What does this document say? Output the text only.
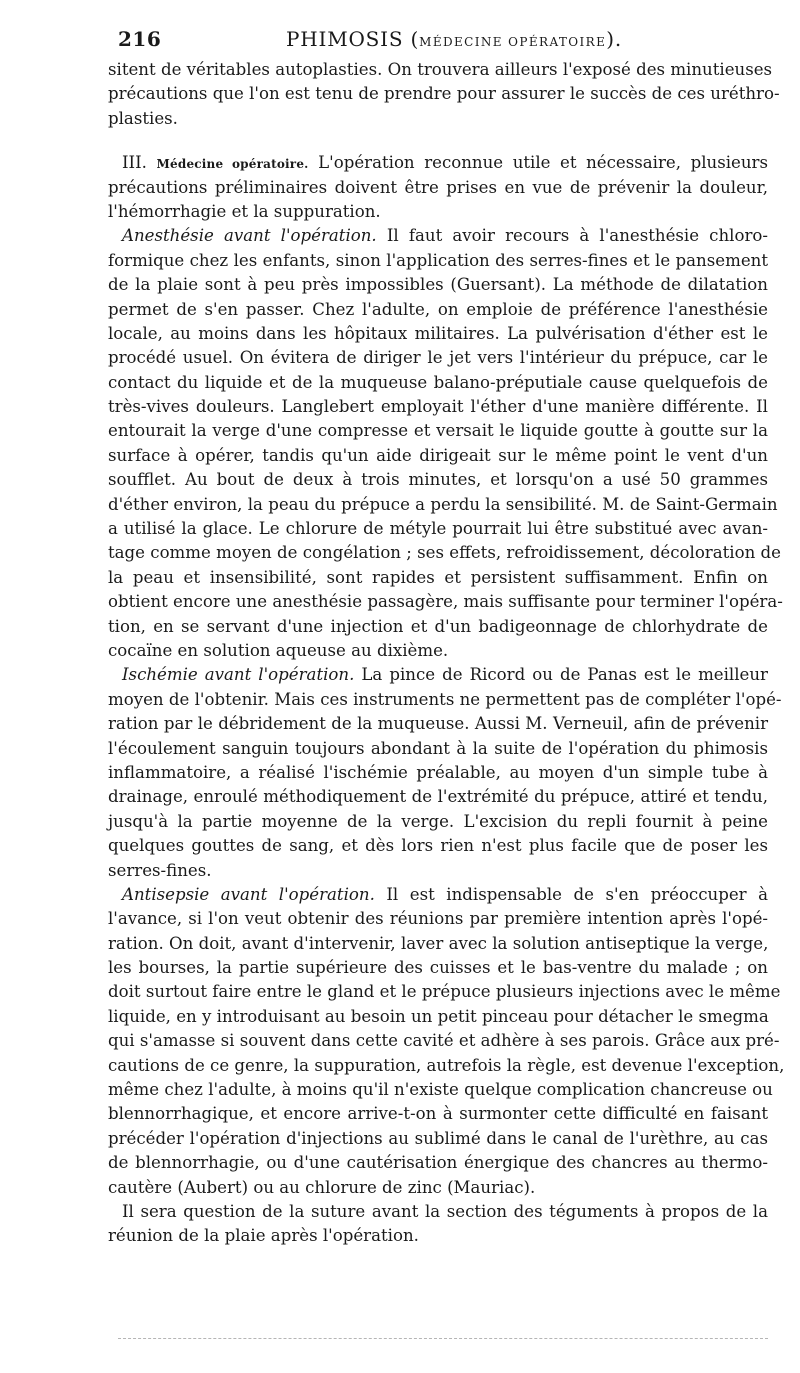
216	PHIMOSIS (MÉDECINE OPÉRATOIRE).
sitent de véritables autoplasties. On trouvera ailleurs l'exposé des minutieuses
précautions que l'on est tenu de prendre pour assurer le succès de ces uréthro-
plasties.
III. Médecine opératoire. L'opération reconnue utile et nécessaire, plusieurs
précautions préliminaires doivent être prises en vue de prévenir la douleur,
l'hémorrhagie et la suppuration.
Anesthésie avant l'opération. Il faut avoir recours à l'anesthésie chloro-
formique chez les enfants, sinon l'application des serres-fines et le pansement
de la plaie sont à peu près impossibles (Guersant). La méthode de dilatation
permet de s'en passer. Chez l'adulte, on emploie de préférence l'anesthésie
locale, au moins dans les hôpitaux militaires. La pulvérisation d'éther est le
procédé usuel. On évitera de diriger le jet vers l'intérieur du prépuce, car le
contact du liquide et de la muqueuse balano-préputiale cause quelquefois de
très-vives douleurs. Langlebert employait l'éther d'une manière différente. Il
entourait la verge d'une compresse et versait le liquide goutte à goutte sur la
surface à opérer, tandis qu'un aide dirigeait sur le même point le vent d'un
soufflet. Au bout de deux à trois minutes, et lorsqu'on a usé 50 grammes
d'éther environ, la peau du prépuce a perdu la sensibilité. M. de Saint-Germain
a utilisé la glace. Le chlorure de métyle pourrait lui être substitué avec avan-
tage comme moyen de congélation ; ses effets, refroidissement, décoloration de
la peau et insensibilité, sont rapides et persistent suffisamment. Enfin on
obtient encore une anesthésie passagère, mais suffisante pour terminer l'opéra-
tion, en se servant d'une injection et d'un badigeonnage de chlorhydrate de
cocaïne en solution aqueuse au dixième.
Ischémie avant l'opération. La pince de Ricord ou de Panas est le meilleur
moyen de l'obtenir. Mais ces instruments ne permettent pas de compléter l'opé-
ration par le débridement de la muqueuse. Aussi M. Verneuil, afin de prévenir
l'écoulement sanguin toujours abondant à la suite de l'opération du phimosis
inflammatoire, a réalisé l'ischémie préalable, au moyen d'un simple tube à
drainage, enroulé méthodiquement de l'extrémité du prépuce, attiré et tendu,
jusqu'à la partie moyenne de la verge. L'excision du repli fournit à peine
quelques gouttes de sang, et dès lors rien n'est plus facile que de poser les
serres-fines.
Antisepsie avant l'opération. Il est indispensable de s'en préoccuper à
l'avance, si l'on veut obtenir des réunions par première intention après l'opé-
ration. On doit, avant d'intervenir, laver avec la solution antiseptique la verge,
les bourses, la partie supérieure des cuisses et le bas-ventre du malade ; on
doit surtout faire entre le gland et le prépuce plusieurs injections avec le même
liquide, en y introduisant au besoin un petit pinceau pour détacher le smegma
qui s'amasse si souvent dans cette cavité et adhère à ses parois. Grâce aux pré-
cautions de ce genre, la suppuration, autrefois la règle, est devenue l'exception,
même chez l'adulte, à moins qu'il n'existe quelque complication chancreuse ou
blennorrhagique, et encore arrive-t-on à surmonter cette difficulté en faisant
précéder l'opération d'injections au sublimé dans le canal de l'urèthre, au cas
de blennorrhagie, ou d'une cautérisation énergique des chancres au thermo-
cautère (Aubert) ou au chlorure de zinc (Mauriac).
Il sera question de la suture avant la section des téguments à propos de la
réunion de la plaie après l'opération.
